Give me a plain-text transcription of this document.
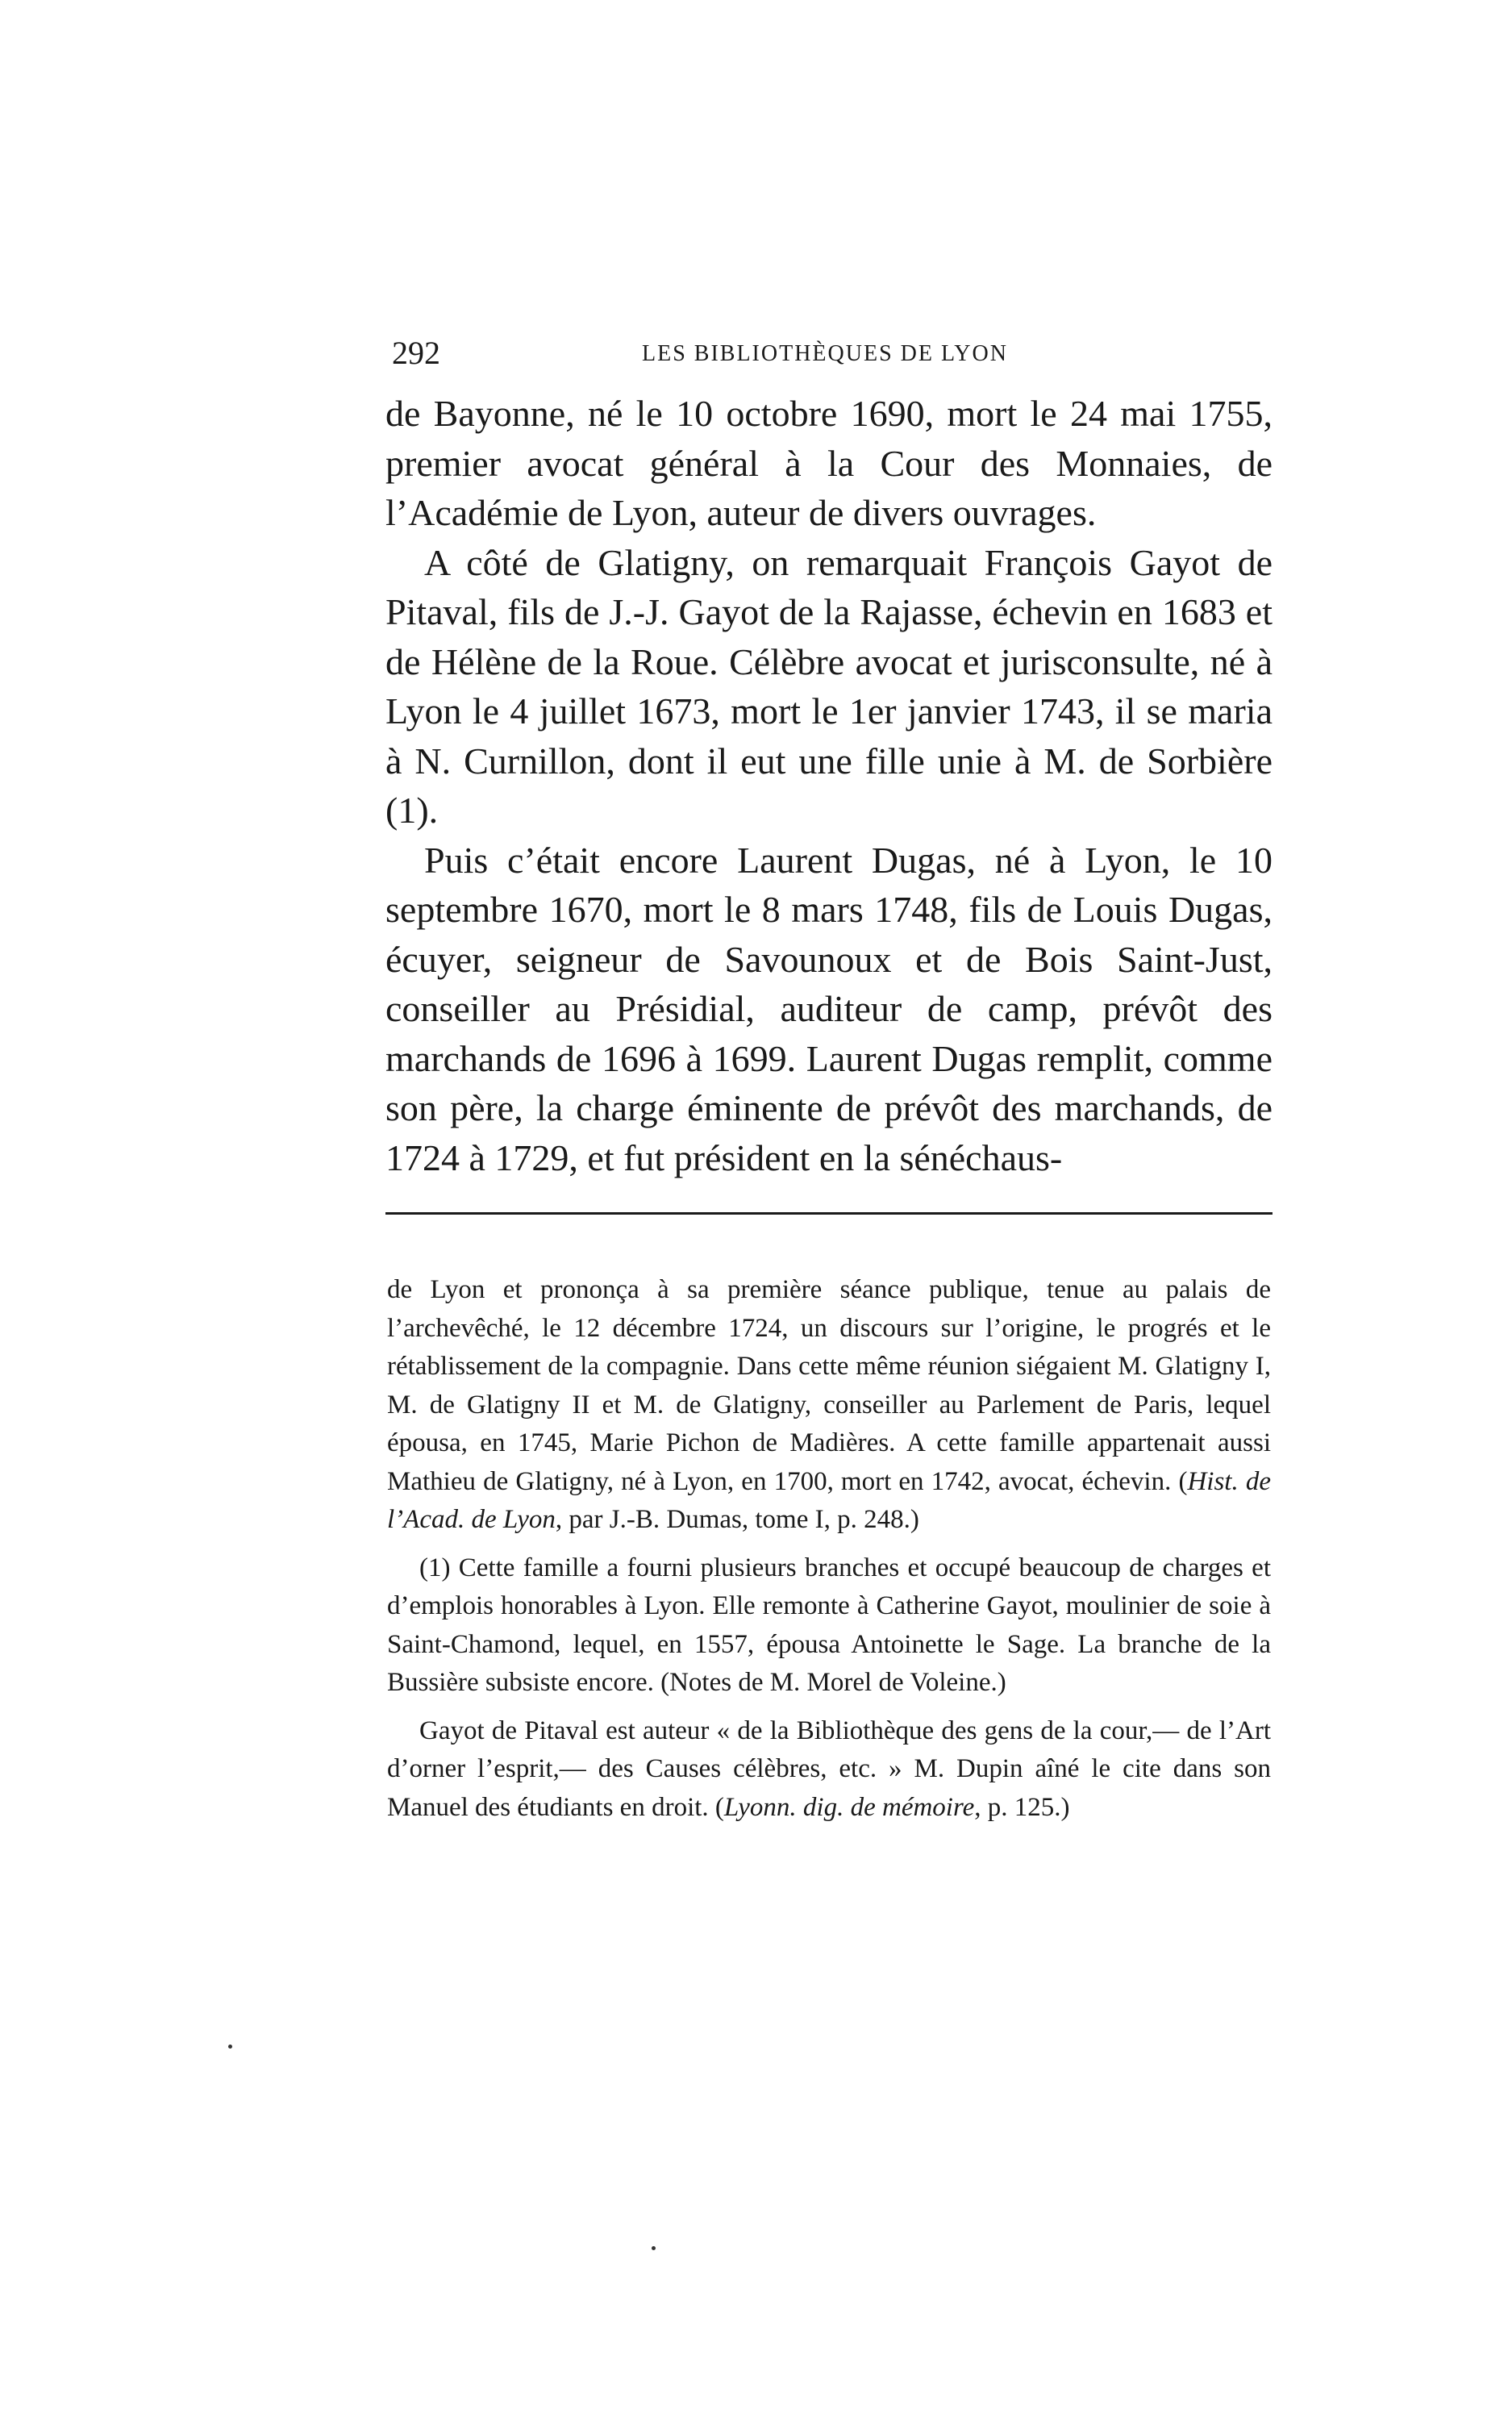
292	LES BIBLIOTHÈQUES DE LYON

de Bayonne, né le 10 octobre 1690, mort le 24 mai 1755, premier avocat général à la Cour des Monnaies, de l’Académie de Lyon, auteur de divers ouvrages.

A côté de Glatigny, on remarquait François Gayot de Pitaval, fils de J.-J. Gayot de la Rajasse, échevin en 1683 et de Hélène de la Roue. Célèbre avocat et jurisconsulte, né à Lyon le 4 juillet 1673, mort le 1er janvier 1743, il se maria à N. Curnillon, dont il eut une fille unie à M. de Sorbière (1).

Puis c’était encore Laurent Dugas, né à Lyon, le 10 septembre 1670, mort le 8 mars 1748, fils de Louis Dugas, écuyer, seigneur de Savounoux et de Bois Saint-Just, conseiller au Présidial, auditeur de camp, prévôt des marchands de 1696 à 1699. Laurent Dugas remplit, comme son père, la charge éminente de prévôt des marchands, de 1724 à 1729, et fut président en la sénéchaus-

de Lyon et prononça à sa première séance publique, tenue au palais de l’archevêché, le 12 décembre 1724, un discours sur l’origine, le progrés et le rétablissement de la compagnie. Dans cette même réunion siégaient M. Glatigny I, M. de Glatigny II et M. de Glatigny, conseiller au Parlement de Paris, lequel épousa, en 1745, Marie Pichon de Madières. A cette famille appartenait aussi Mathieu de Glatigny, né à Lyon, en 1700, mort en 1742, avocat, échevin. (Hist. de l’Acad. de Lyon, par J.-B. Dumas, tome I, p. 248.)

(1) Cette famille a fourni plusieurs branches et occupé beaucoup de charges et d’emplois honorables à Lyon. Elle remonte à Catherine Gayot, moulinier de soie à Saint-Chamond, lequel, en 1557, épousa Antoinette le Sage. La branche de la Bussière subsiste encore. (Notes de M. Morel de Voleine.)

Gayot de Pitaval est auteur « de la Bibliothèque des gens de la cour,— de l’Art d’orner l’esprit,— des Causes célèbres, etc. » M. Dupin aîné le cite dans son Manuel des étudiants en droit. (Lyonn. dig. de mémoire, p. 125.)
